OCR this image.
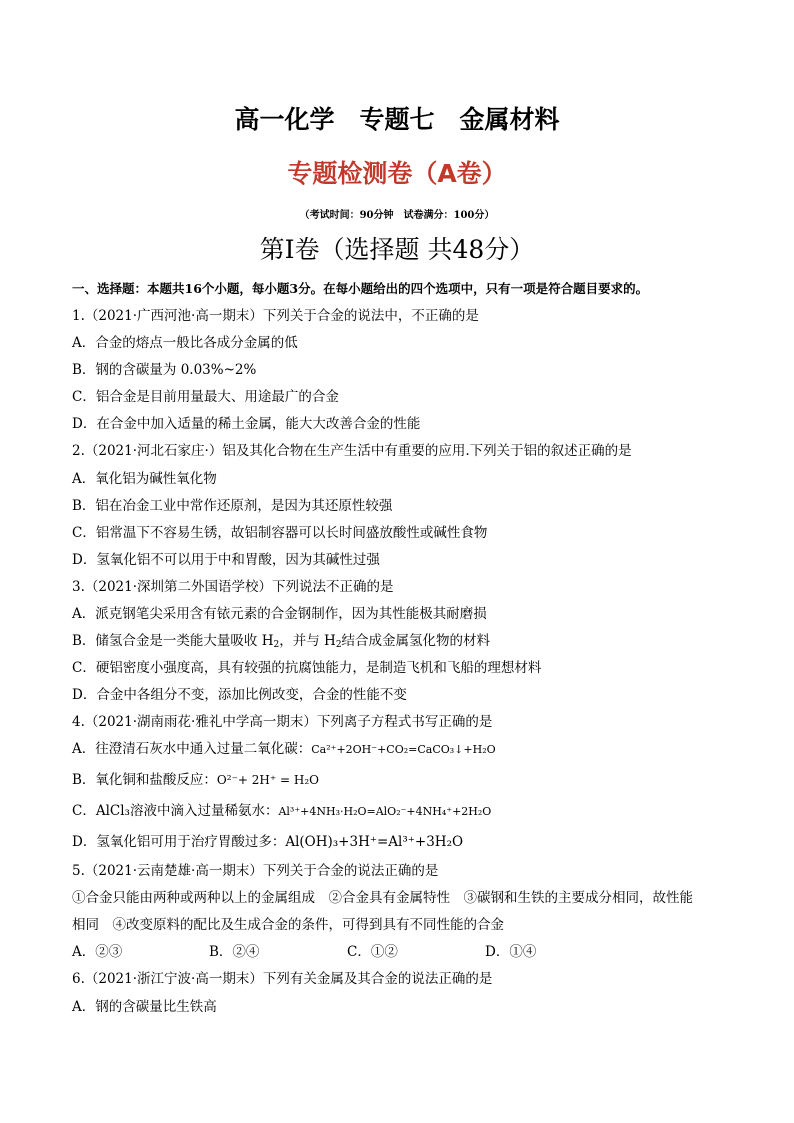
高一化学　专题七　金属材料
专题检测卷（A卷）
（考试时间：90分钟　试卷满分：100分）
第Ⅰ卷（选择题 共48分）
一、选择题：本题共16个小题，每小题3分。在每小题给出的四个选项中，只有一项是符合题目要求的。
1.（2021·广西河池·高一期末）下列关于合金的说法中，不正确的是
A．合金的熔点一般比各成分金属的低
B．钢的含碳量为 0.03%~2%
C．铝合金是目前用量最大、用途最广的合金
D．在合金中加入适量的稀土金属，能大大改善合金的性能
2.（2021·河北石家庄·）铝及其化合物在生产生活中有重要的应用.下列关于铝的叙述正确的是
A．氧化铝为碱性氧化物
B．铝在冶金工业中常作还原剂，是因为其还原性较强
C．铝常温下不容易生锈，故铝制容器可以长时间盛放酸性或碱性食物
D．氢氧化铝不可以用于中和胃酸，因为其碱性过强
3.（2021·深圳第二外国语学校）下列说法不正确的是
A．派克钢笔尖采用含有铱元素的合金钢制作，因为其性能极其耐磨损
B．储氢合金是一类能大量吸收 $H_2$，并与 $H_2$结合成金属氢化物的材料
C．硬铝密度小强度高，具有较强的抗腐蚀能力，是制造飞机和飞船的理想材料
D．合金中各组分不变，添加比例改变，合金的性能不变
4.（2021·湖南雨花·雅礼中学高一期末）下列离子方程式书写正确的是
A．往澄清石灰水中通入过量二氧化碳：Ca²⁺+2OH⁻+CO₂=CaCO₃↓+H₂O
B．氧化铜和盐酸反应：O²⁻+ 2H⁺ = H₂O
C．AlCl₃溶液中滴入过量稀氨水：Al³⁺+4NH₃·H₂O=AlO₂⁻+4NH₄⁺+2H₂O
D．氢氧化铝可用于治疗胃酸过多：Al(OH)₃+3H⁺=Al³⁺+3H₂O
5.（2021·云南楚雄·高一期末）下列关于合金的说法正确的是
①合金只能由两种或两种以上的金属组成　②合金具有金属特性　③碳钢和生铁的主要成分相同，故性能
相同　④改变原料的配比及生成合金的条件，可得到具有不同性能的合金
A．②③	B．②④	C．①②	D．①④
6.（2021·浙江宁波·高一期末）下列有关金属及其合金的说法正确的是
A．钢的含碳量比生铁高
